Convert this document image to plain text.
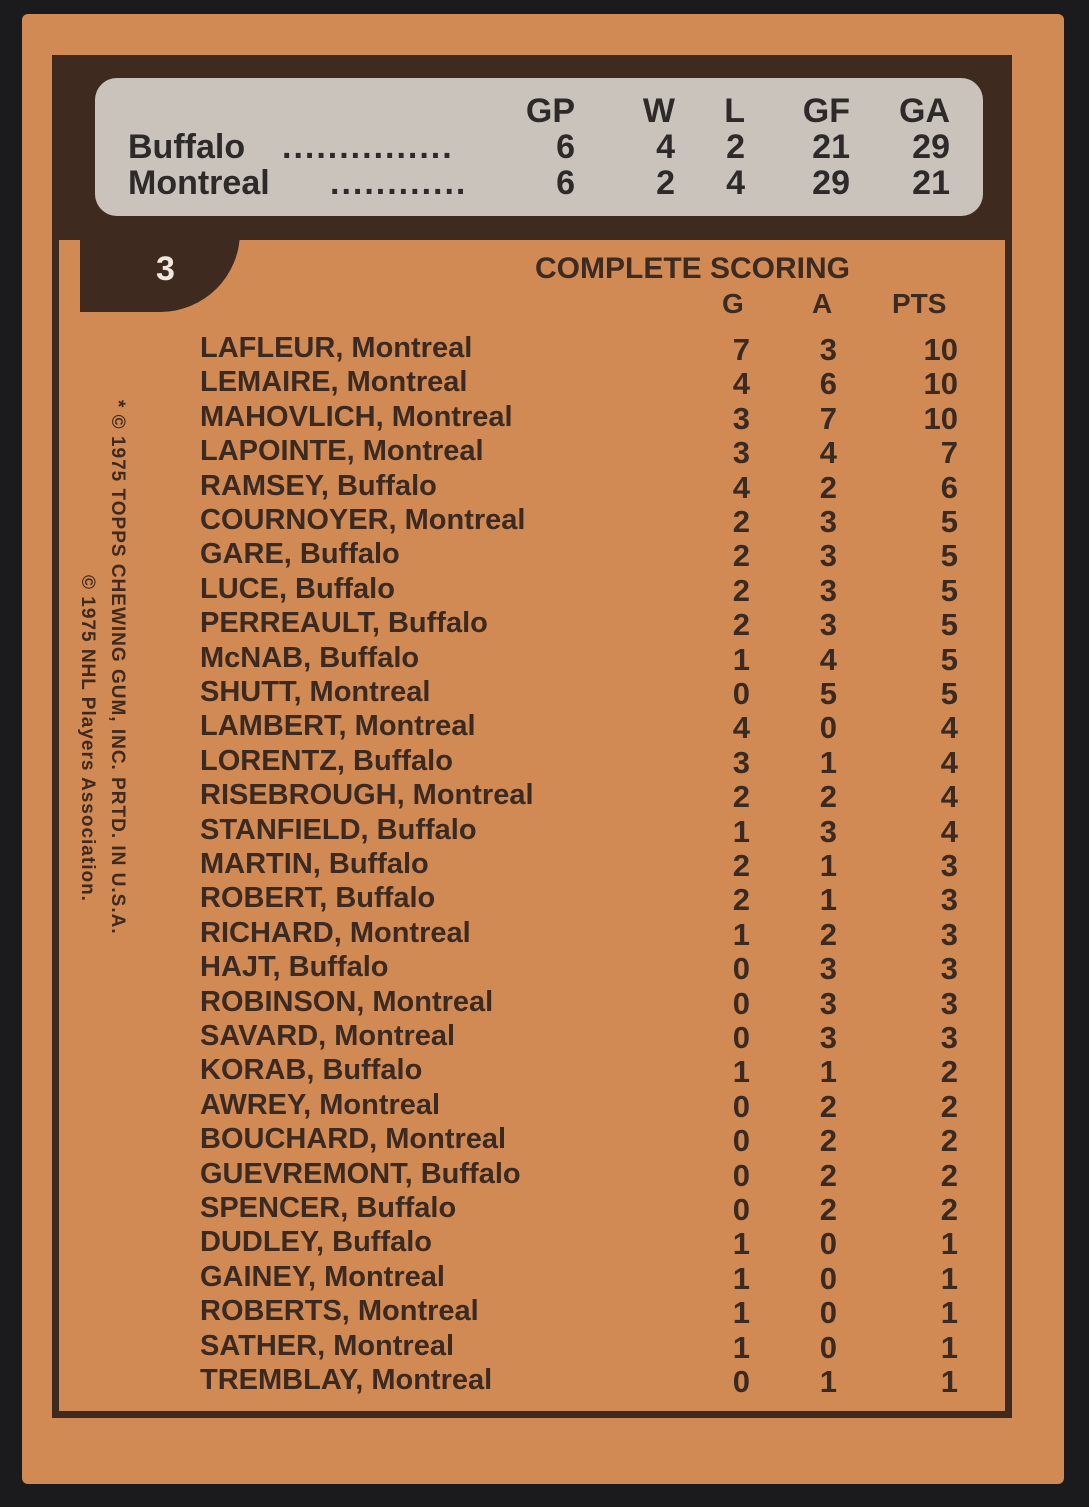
GP	W	L	GF	GA
Buffalo ...............	6	4	2	21	29
Montreal ............	6	2	4	29	21
3
* © 1975 TOPPS CHEWING GUM, INC. PRTD. IN U.S.A.
© 1975 NHL Players Association.
COMPLETE SCORING
G A PTS
LAFLEUR, Montreal	7	3	10
LEMAIRE, Montreal	4	6	10
MAHOVLICH, Montreal	3	7	10
LAPOINTE, Montreal	3	4	7
RAMSEY, Buffalo	4	2	6
COURNOYER, Montreal	2	3	5
GARE, Buffalo	2	3	5
LUCE, Buffalo	2	3	5
PERREAULT, Buffalo	2	3	5
McNAB, Buffalo	1	4	5
SHUTT, Montreal	0	5	5
LAMBERT, Montreal	4	0	4
LORENTZ, Buffalo	3	1	4
RISEBROUGH, Montreal	2	2	4
STANFIELD, Buffalo	1	3	4
MARTIN, Buffalo	2	1	3
ROBERT, Buffalo	2	1	3
RICHARD, Montreal	1	2	3
HAJT, Buffalo	0	3	3
ROBINSON, Montreal	0	3	3
SAVARD, Montreal	0	3	3
KORAB, Buffalo	1	1	2
AWREY, Montreal	0	2	2
BOUCHARD, Montreal	0	2	2
GUEVREMONT, Buffalo	0	2	2
SPENCER, Buffalo	0	2	2
DUDLEY, Buffalo	1	0	1
GAINEY, Montreal	1	0	1
ROBERTS, Montreal	1	0	1
SATHER, Montreal	1	0	1
TREMBLAY, Montreal	0	1	1
